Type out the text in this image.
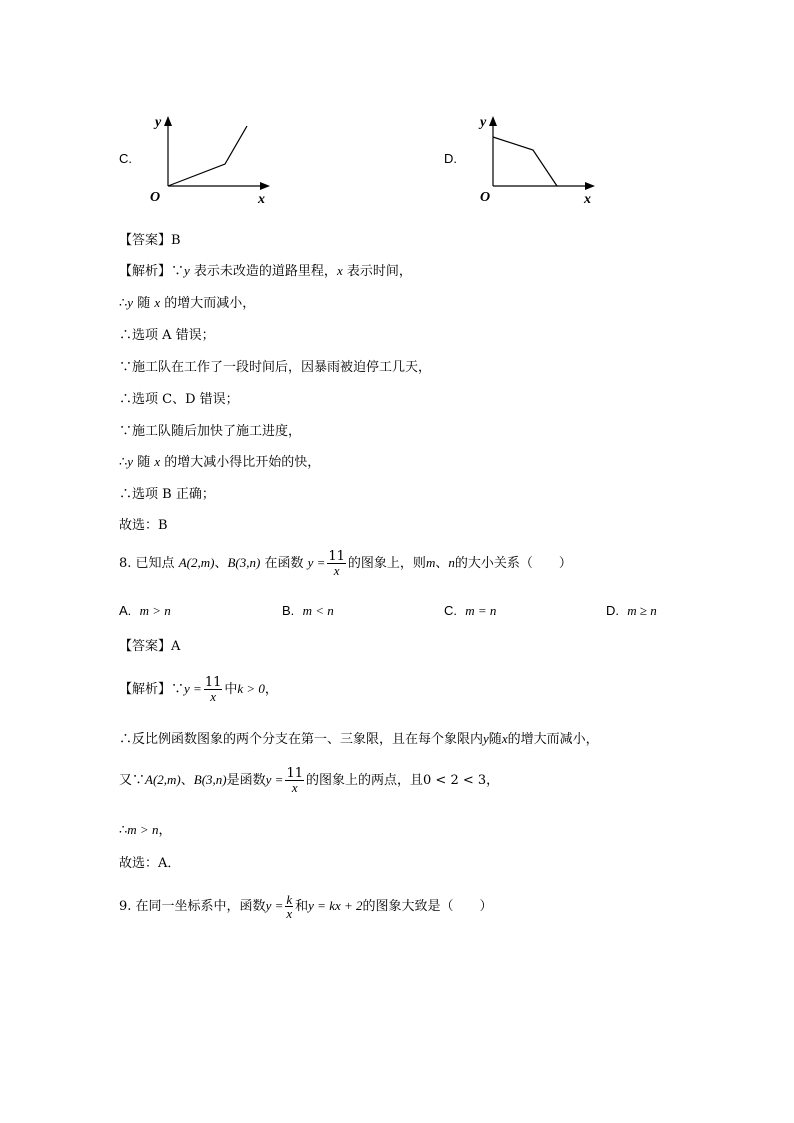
C.
y
O	x
D.
y
O	x
【答案】B
【解析】∵y 表示未改造的道路里程，x 表示时间，
∴y 随 x 的增大而减小，
∴选项 A 错误；
∵施工队在工作了一段时间后，因暴雨被迫停工几天，
∴选项 C、D 错误；
∵施工队随后加快了施工进度，
∴y 随 x 的增大减小得比开始的快，
∴选项 B 正确；
故选：B
8. 已知点 A(2,m)、B(3,n) 在函数 $y = \frac{11}{x}$ 的图象上，则m、n的大小关系（　　）
A. m > n	B. m < n	C. m = n	D. m ≥ n
【答案】A
【解析】∵y = $\frac{11}{x}$ 中k > 0，
∴反比例函数图象的两个分支在第一、三象限，且在每个象限内y随x的增大而减小，
又∵A(2,m)、B(3,n)是函数$y = \frac{11}{x}$ 的图象上的两点，且0 < 2 < 3，
∴m > n，
故选：A．
9. 在同一坐标系中，函数$y = \frac{k}{x}$ 和y = kx + 2的图象大致是（　　）
